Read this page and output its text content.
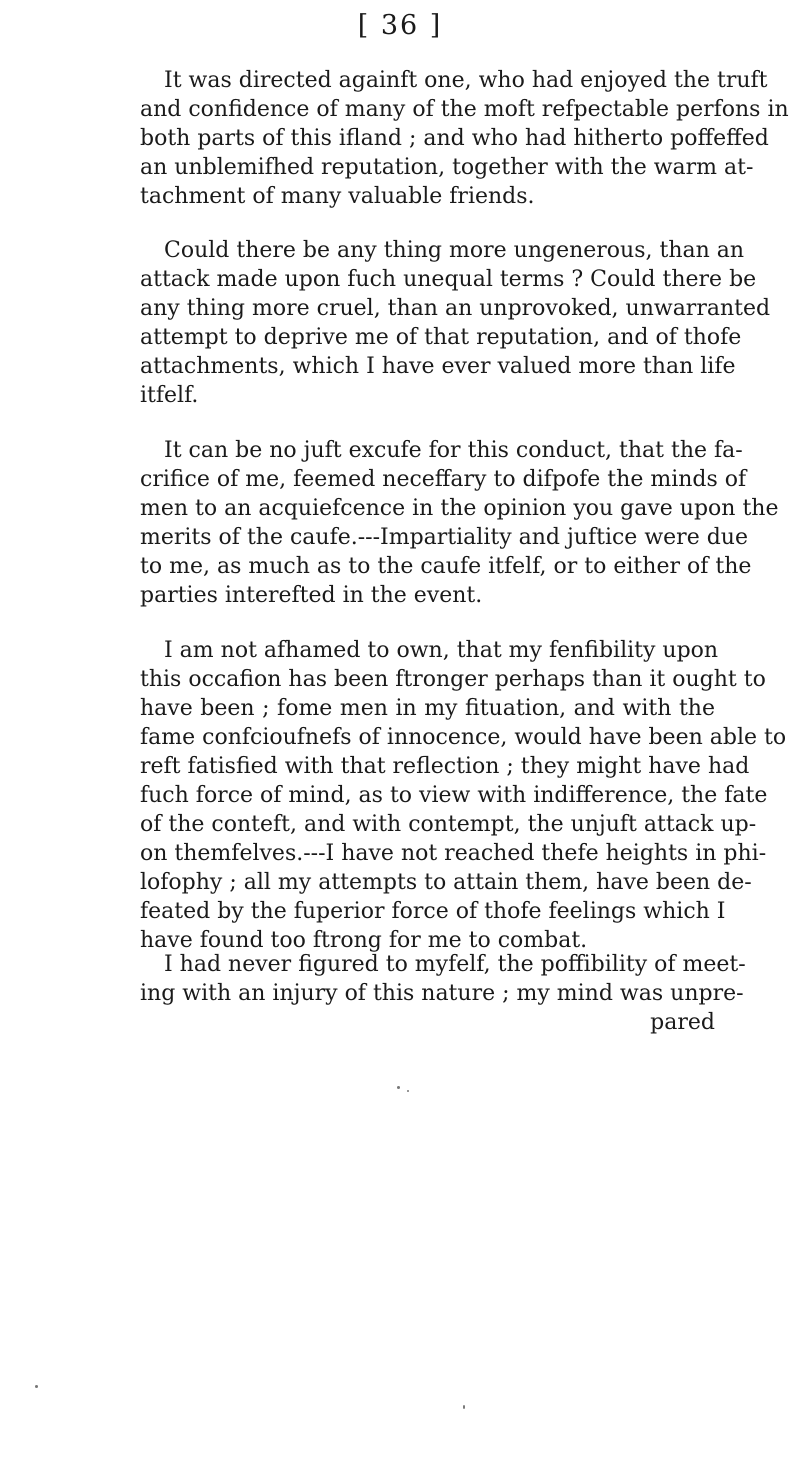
[ 36 ]
It was directed againft one, who had enjoyed the truft
and confidence of many of the moft refpectable perfons in
both parts of this ifland ; and who had hitherto poffeffed
an unblemifhed reputation, together with the warm at-
tachment of many valuable friends.
Could there be any thing more ungenerous, than an
attack made upon fuch unequal terms ? Could there be
any thing more cruel, than an unprovoked, unwarranted
attempt to deprive me of that reputation, and of thofe
attachments, which I have ever valued more than life
itfelf.
It can be no juft excufe for this conduct, that the fa-
crifice of me, feemed neceffary to difpofe the minds of
men to an acquiefcence in the opinion you gave upon the
merits of the caufe.---Impartiality and juftice were due
to me, as much as to the caufe itfelf, or to either of the
parties interefted in the event.
I am not afhamed to own, that my fenfibility upon
this occafion has been ftronger perhaps than it ought to
have been ; fome men in my fituation, and with the
fame confcioufnefs of innocence, would have been able to
reft fatisfied with that reflection ; they might have had
fuch force of mind, as to view with indifference, the fate
of the conteft, and with contempt, the unjuft attack up-
on themfelves.---I have not reached thefe heights in phi-
lofophy ; all my attempts to attain them, have been de-
feated by the fuperior force of thofe feelings which I
have found too ftrong for me to combat.
I had never figured to myfelf, the poffibility of meet-
ing with an injury of this nature ; my mind was unpre-
pared
